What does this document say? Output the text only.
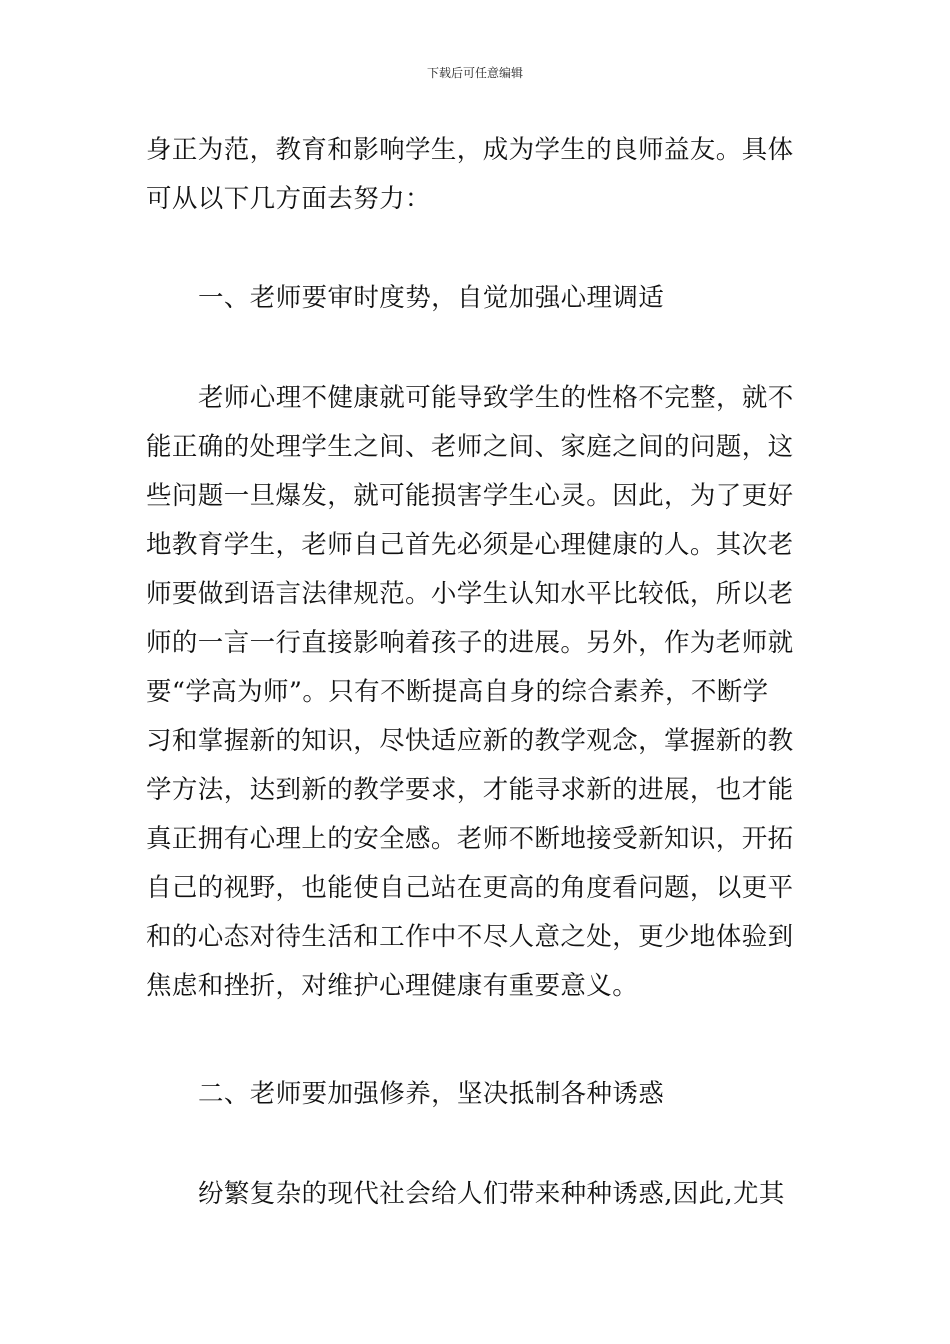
下载后可任意编辑
身正为范，教育和影响学生，成为学生的良师益友。具体
可从以下几方面去努力：
一、老师要审时度势，自觉加强心理调适
老师心理不健康就可能导致学生的性格不完整，就不
能正确的处理学生之间、老师之间、家庭之间的问题，这
些问题一旦爆发，就可能损害学生心灵。因此，为了更好
地教育学生，老师自己首先必须是心理健康的人。其次老
师要做到语言法律规范。小学生认知水平比较低，所以老
师的一言一行直接影响着孩子的进展。另外，作为老师就
要“学高为师”。只有不断提高自身的综合素养，不断学
习和掌握新的知识，尽快适应新的教学观念，掌握新的教
学方法，达到新的教学要求，才能寻求新的进展，也才能
真正拥有心理上的安全感。老师不断地接受新知识，开拓
自己的视野，也能使自己站在更高的角度看问题，以更平
和的心态对待生活和工作中不尽人意之处，更少地体验到
焦虑和挫折，对维护心理健康有重要意义。
二、老师要加强修养，坚决抵制各种诱惑
纷繁复杂的现代社会给人们带来种种诱惑,因此,尤其
